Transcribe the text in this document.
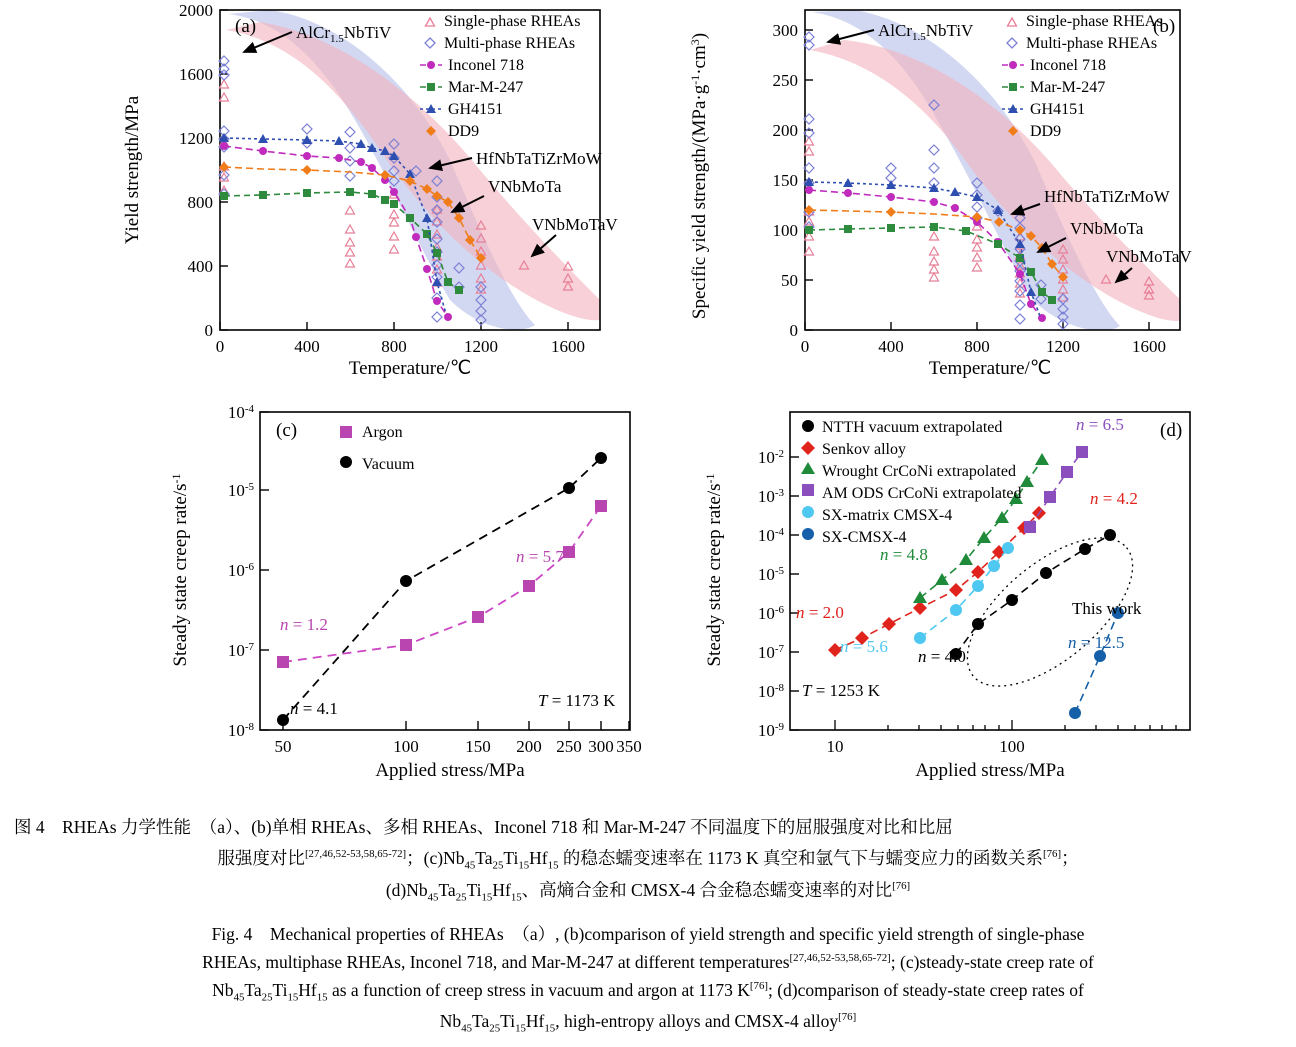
0
400
800
1200
1600
2000
0	400	800	1200	1600
Temperature/℃
Yield strength/MPa
(a) AlCr$_{1.5}$NbTiV
HfNbTaTiZrMoW
VNbMoTa
VNbMoTaV
Single-phase RHEAs
Multi-phase RHEAs
Inconel 718
Mar-M-247
GH4151
DD9
0
50
100
150
200
250
300
0	400	800	1200	1600
Temperature/℃
Specific yield strength/$(MPa\cdot g^{-1}\cdot cm^3)$	(b)
AlCr$_{1.5}$NbTiV
HfNbTaTiZrMoW
VNbMoTa
VNbMoTaV
Single-phase RHEAs
Multi-phase RHEAs
Inconel 718
Mar-M-247
GH4151
DD9
$10^{-8}$
$10^{-7}$
$10^{-6}$
$10^{-5}$
$10^{-4}$
50	100	150 200 250 300 350
Applied stress/MPa
Steady state creep rate/$s^{-1}$
(c)
n = 1.2
n = 5.7
n = 4.1	T = 1173 K
Argon
Vacuum
$10^{-9}$
$10^{-8}$
$10^{-7}$
$10^{-6}$
$10^{-5}$
$10^{-4}$
$10^{-3}$
$10^{-2}$
10	100
Applied stress/MPa
Steady state creep rate/$s^{-1}$
(d)
n = 6.5
n = 4.2
n = 4.8
n = 2.0
n = 5.6
n = 4.0
n = 12.5
This work
T = 1253 K
NTTH vacuum extrapolated
Senkov alloy
Wrought CrCoNi extrapolated
AM ODS CrCoNi extrapolated
SX-matrix CMSX-4
SX-CMSX-4
图 4　RHEAs 力学性能　（a）、(b)单相 RHEAs、多相 RHEAs、Inconel 718 和 Mar-M-247 不同温度下的屈服强度对比和比屈
服强度对比[27,46,52-53,58,65-72]；$(c)Nb_{45}Ta_{25}Ti_{15}Hf_{15}$ 的稳态蠕变速率在 1173 K 真空和氩气下与蠕变应力的函数关系[76]；
$(d)Nb_{45}Ta_{25}Ti_{15}Hf_{15}$、高熵合金和 CMSX-4 合金稳态蠕变速率的对比[76]
Fig. 4　Mechanical properties of RHEAs　（a）, (b)comparison of yield strength and specific yield strength of single-phase
RHEAs, multiphase RHEAs, Inconel 718, and Mar-M-247 at different temperatures[27,46,52-53,58,65-72]; (c)steady-state creep rate of
$Nb_{45}Ta_{25}Ti_{15}Hf_{15}$ as a function of creep stress in vacuum and argon at 1173 K[76]; (d)comparison of steady-state creep rates of
$Nb_{45}Ta_{25}Ti_{15}Hf_{15}$, high-entropy alloys and CMSX-4 alloy[76]
